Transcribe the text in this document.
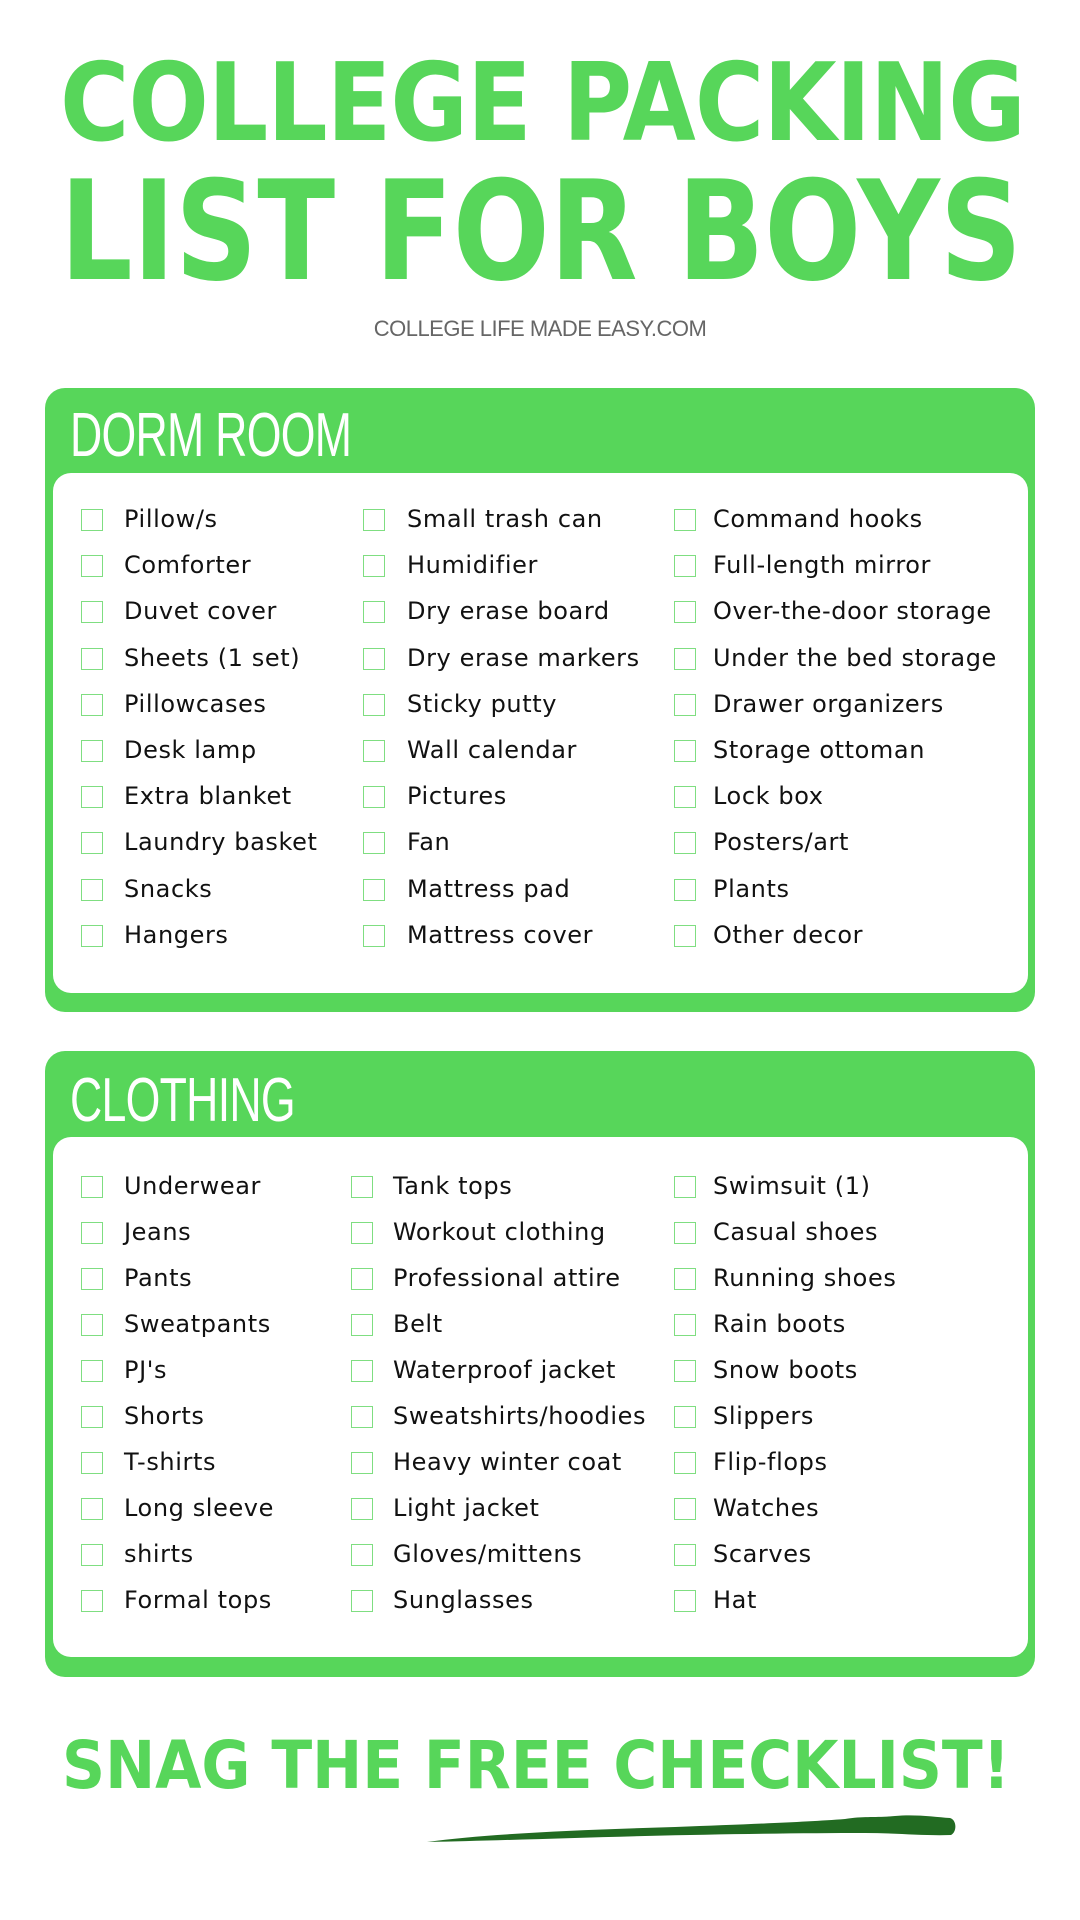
COLLEGE PACKING
LIST FOR BOYS
COLLEGE LIFE MADE EASY.COM
DORM ROOM
Pillow/s
Comforter
Duvet cover
Sheets (1 set)
Pillowcases
Desk lamp
Extra blanket
Laundry basket
Snacks
Hangers
Small trash can
Humidifier
Dry erase board
Dry erase markers
Sticky putty
Wall calendar
Pictures
Fan
Mattress pad
Mattress cover
Command hooks
Full-length mirror
Over-the-door storage
Under the bed storage
Drawer organizers
Storage ottoman
Lock box
Posters/art
Plants
Other decor
CLOTHING
Underwear
Jeans
Pants
Sweatpants
PJ's
Shorts
T-shirts
Long sleeve
shirts
Formal tops
Tank tops
Workout clothing
Professional attire
Belt
Waterproof jacket
Sweatshirts/hoodies
Heavy winter coat
Light jacket
Gloves/mittens
Sunglasses
Swimsuit (1)
Casual shoes
Running shoes
Rain boots
Snow boots
Slippers
Flip-flops
Watches
Scarves
Hat
SNAG THE FREE CHECKLIST!
